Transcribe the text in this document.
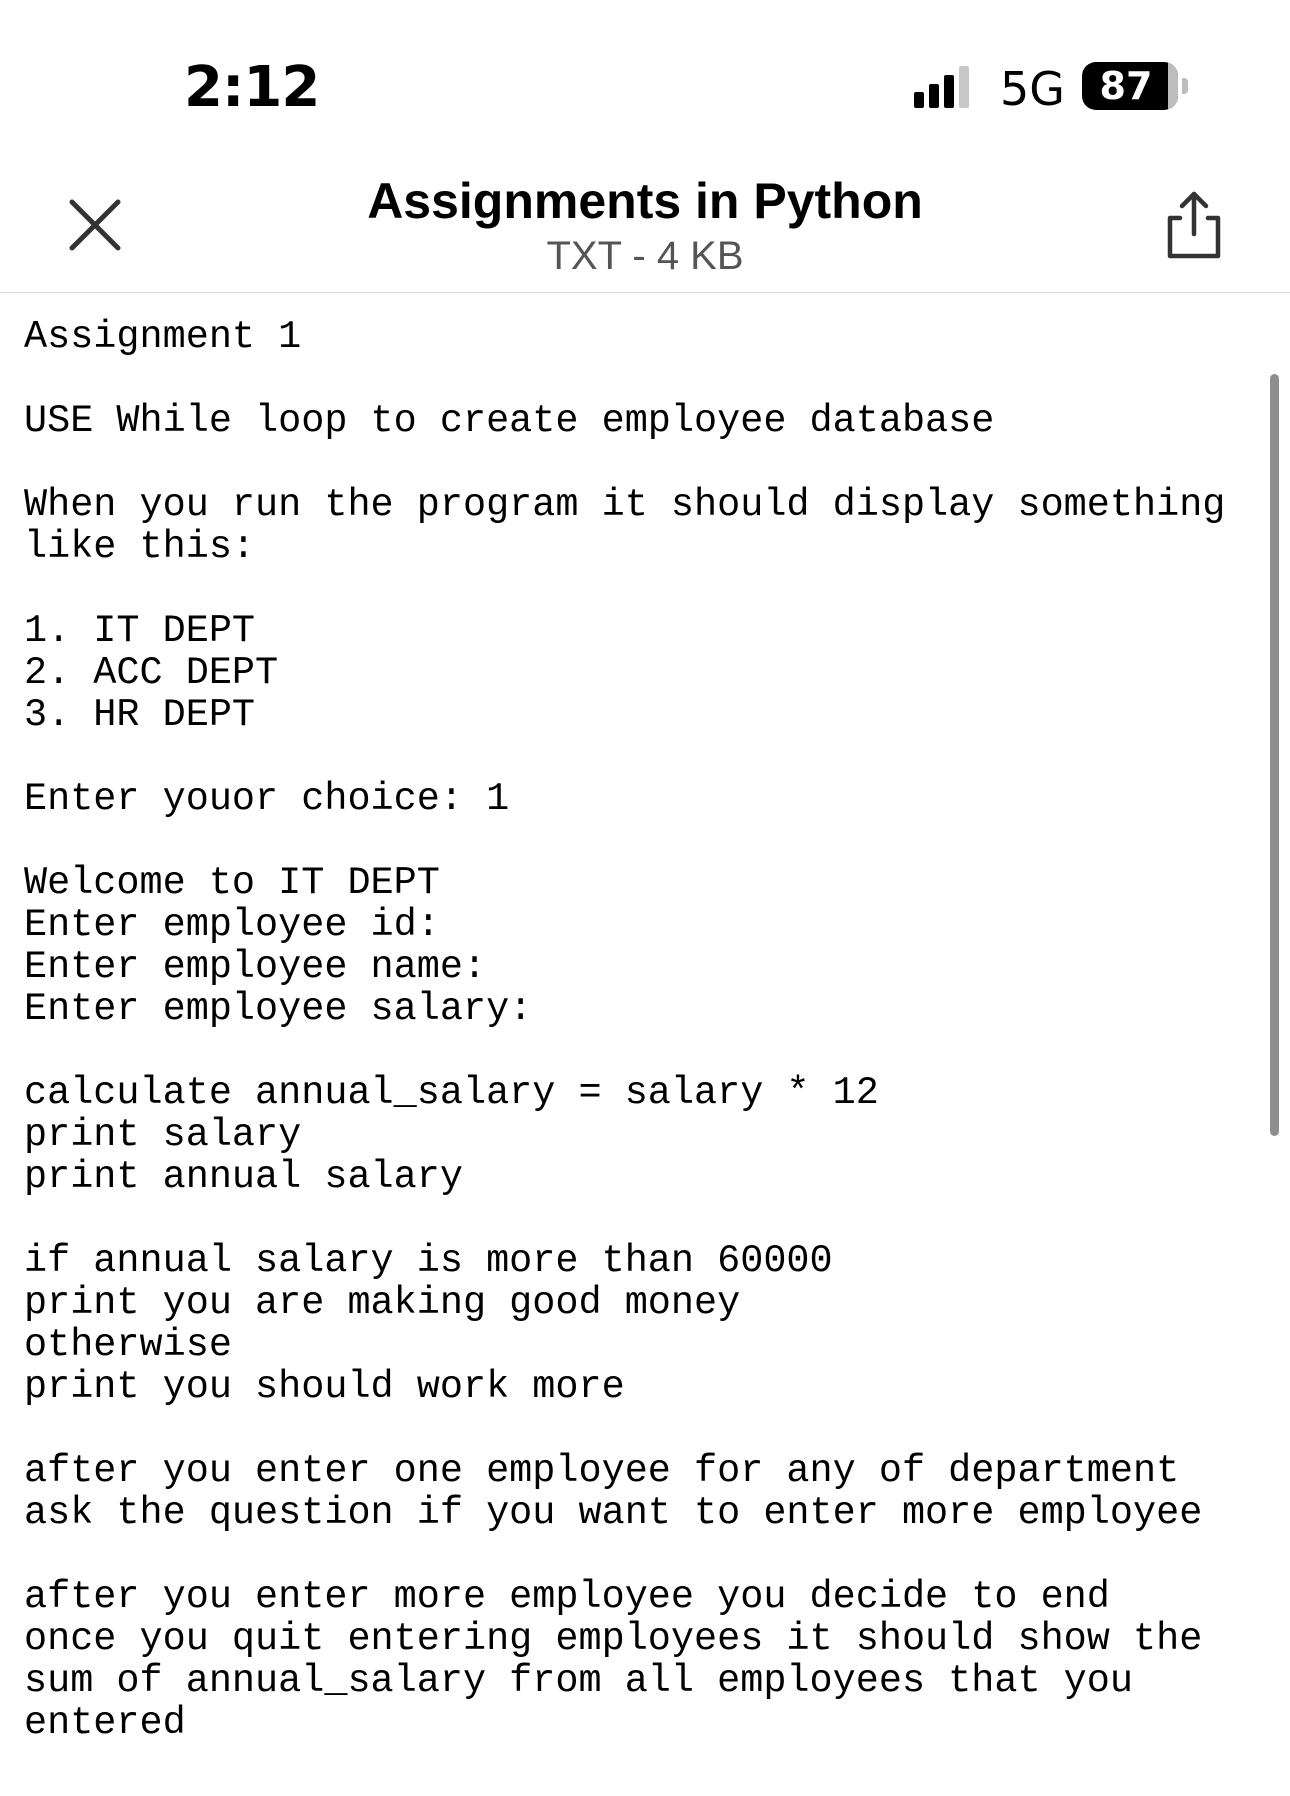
2:12	5G 87
Assignments in Python
TXT - 4 KB
Assignment 1

USE While loop to create employee database

When you run the program it should display something
like this:

1. IT DEPT
2. ACC DEPT
3. HR DEPT

Enter youor choice: 1

Welcome to IT DEPT
Enter employee id:
Enter employee name:
Enter employee salary:

calculate annual_salary = salary * 12
print salary
print annual salary

if annual salary is more than 60000
print you are making good money
otherwise
print you should work more

after you enter one employee for any of department
ask the question if you want to enter more employee

after you enter more employee you decide to end
once you quit entering employees it should show the
sum of annual_salary from all employees that you
entered
